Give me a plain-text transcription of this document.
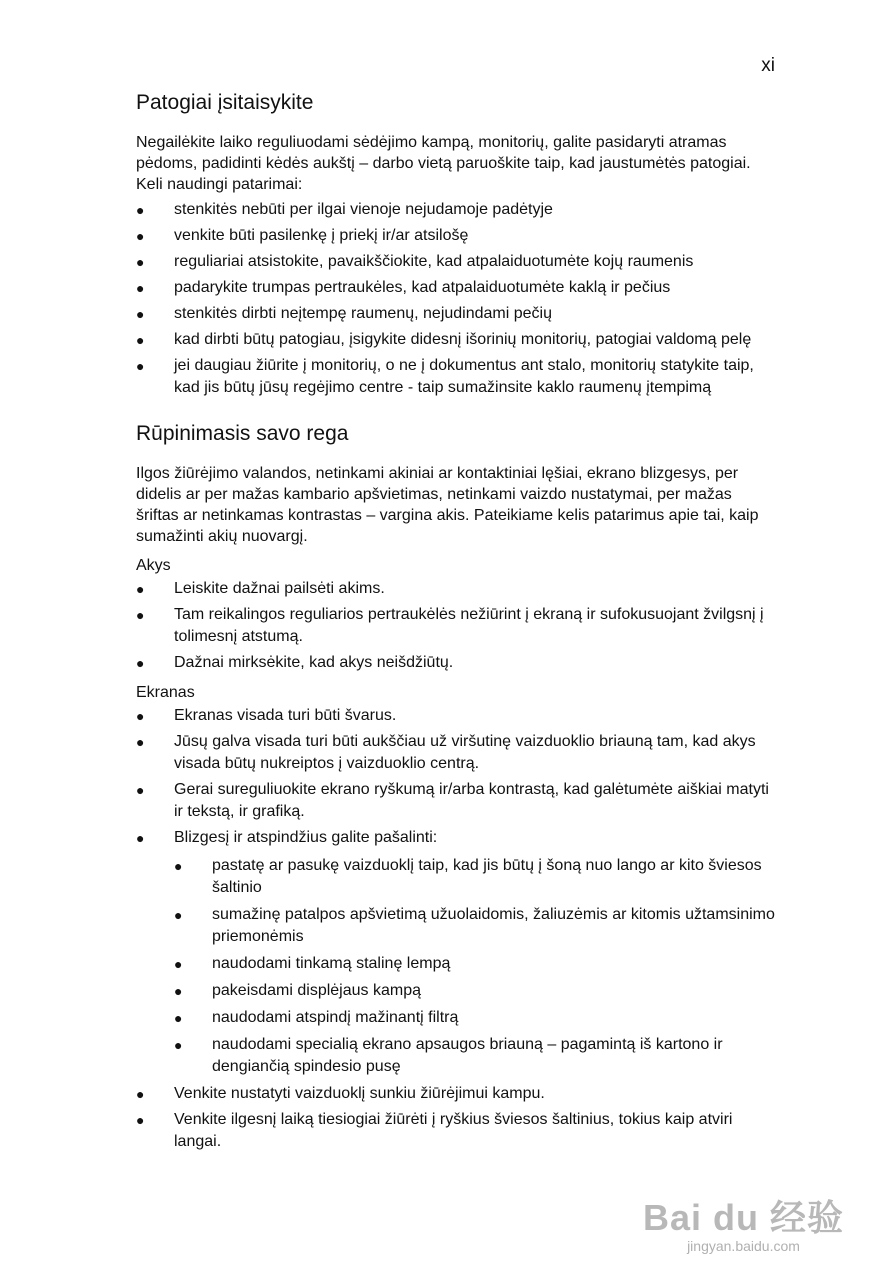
xi
Patogiai įsitaisykite

Negailėkite laiko reguliuodami sėdėjimo kampą, monitorių, galite pasidaryti atramas pėdoms, padidinti kėdės aukštį – darbo vietą paruoškite taip, kad jaustumėtės patogiai. Keli naudingi patarimai:

● stenkitės nebūti per ilgai vienoje nejudamoje padėtyje
● venkite būti pasilenkę į priekį ir/ar atsilošę
● reguliariai atsistokite, pavaikščiokite, kad atpalaiduotumėte kojų raumenis
● padarykite trumpas pertraukėles, kad atpalaiduotumėte kaklą ir pečius
● stenkitės dirbti neįtempę raumenų, nejudindami pečių
● kad dirbti būtų patogiau, įsigykite didesnį išorinių monitorių, patogiai valdomą pelę
● jei daugiau žiūrite į monitorių, o ne į dokumentus ant stalo, monitorių statykite taip, kad jis būtų jūsų regėjimo centre - taip sumažinsite kaklo raumenų įtempimą
Rūpinimasis savo rega

Ilgos žiūrėjimo valandos, netinkami akiniai ar kontaktiniai lęšiai, ekrano blizgesys, per didelis ar per mažas kambario apšvietimas, netinkami vaizdo nustatymai, per mažas šriftas ar netinkamas kontrastas – vargina akis. Pateikiame kelis patarimus apie tai, kaip sumažinti akių nuovargį.

Akys
● Leiskite dažnai pailsėti akims.
● Tam reikalingos reguliarios pertraukėlės nežiūrint į ekraną ir sufokusuojant žvilgsnį į tolimesnį atstumą.
● Dažnai mirksėkite, kad akys neišdžiūtų.
Ekranas
● Ekranas visada turi būti švarus.
● Jūsų galva visada turi būti aukščiau už viršutinę vaizduoklio briauną tam, kad akys visada būtų nukreiptos į vaizduoklio centrą.
● Gerai sureguliuokite ekrano ryškumą ir/arba kontrastą, kad galėtumėte aiškiai matyti ir tekstą, ir grafiką.
● Blizgesį ir atspindžius galite pašalinti:
● pastatę ar pasukę vaizduoklį taip, kad jis būtų į šoną nuo lango ar kito šviesos šaltinio
● sumažinę patalpos apšvietimą užuolaidomis, žaliuzėmis ar kitomis užtamsinimo priemonėmis
● naudodami tinkamą stalinę lempą
● pakeisdami displėjaus kampą
● naudodami atspindį mažinantį filtrą
● naudodami specialią ekrano apsaugos briauną – pagamintą iš kartono ir dengiančią spindesio pusę
● Venkite nustatyti vaizduoklį sunkiu žiūrėjimui kampu.
● Venkite ilgesnį laiką tiesiogiai žiūrėti į ryškius šviesos šaltinius, tokius kaip atviri langai.
Bai du 经验
jingyan.baidu.com
